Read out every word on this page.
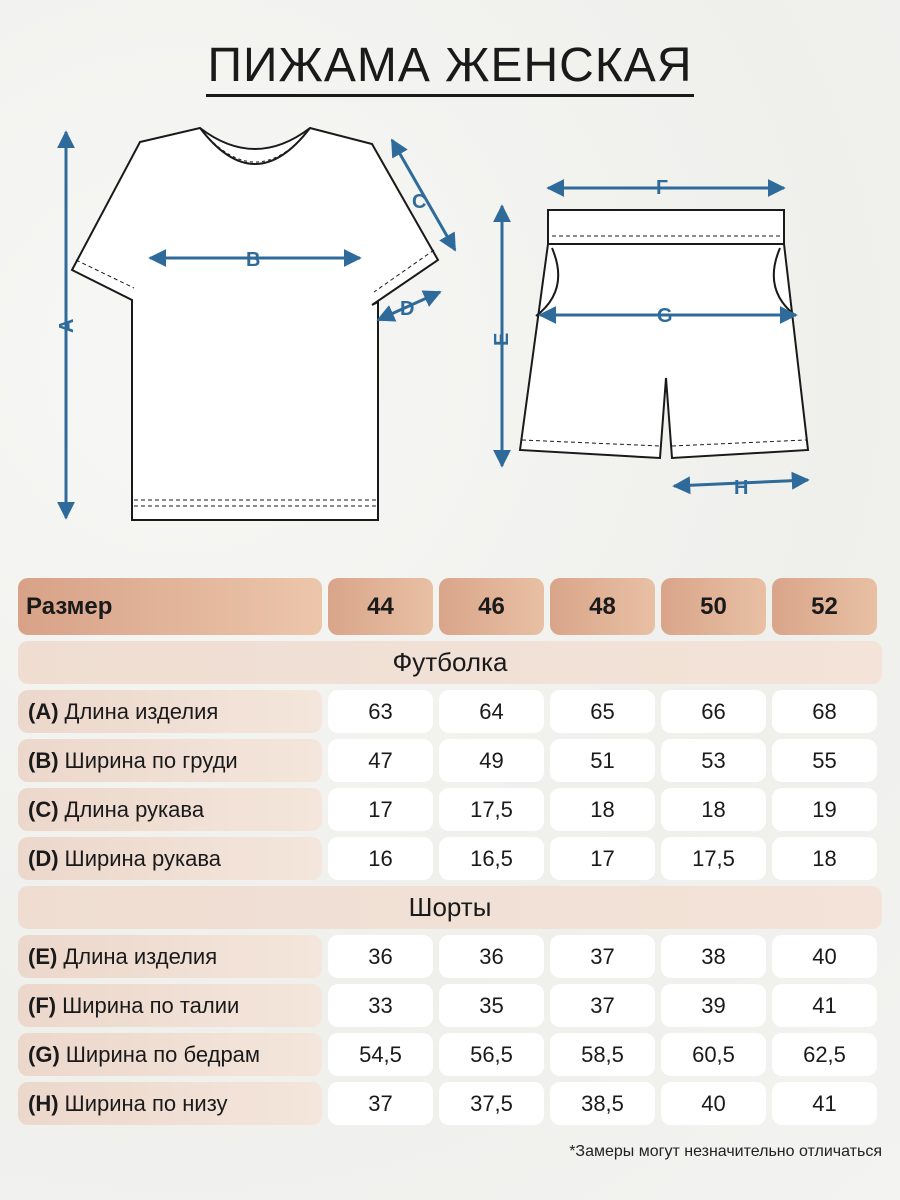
ПИЖАМА ЖЕНСКАЯ
A
B
C
D
F
G
E
H
Размер	44	46	48	50	52
Футболка
(A) Длина изделия	63	64	65	66	68
(B) Ширина по груди	47	49	51	53	55
(C) Длина рукава	17	17,5	18	18	19
(D) Ширина рукава	16	16,5	17	17,5	18
Шорты
(E) Длина изделия	36	36	37	38	40
(F) Ширина по талии	33	35	37	39	41
(G) Ширина по бедрам	54,5	56,5	58,5	60,5	62,5
(H) Ширина по низу	37	37,5	38,5	40	41
*Замеры могут незначительно отличаться
